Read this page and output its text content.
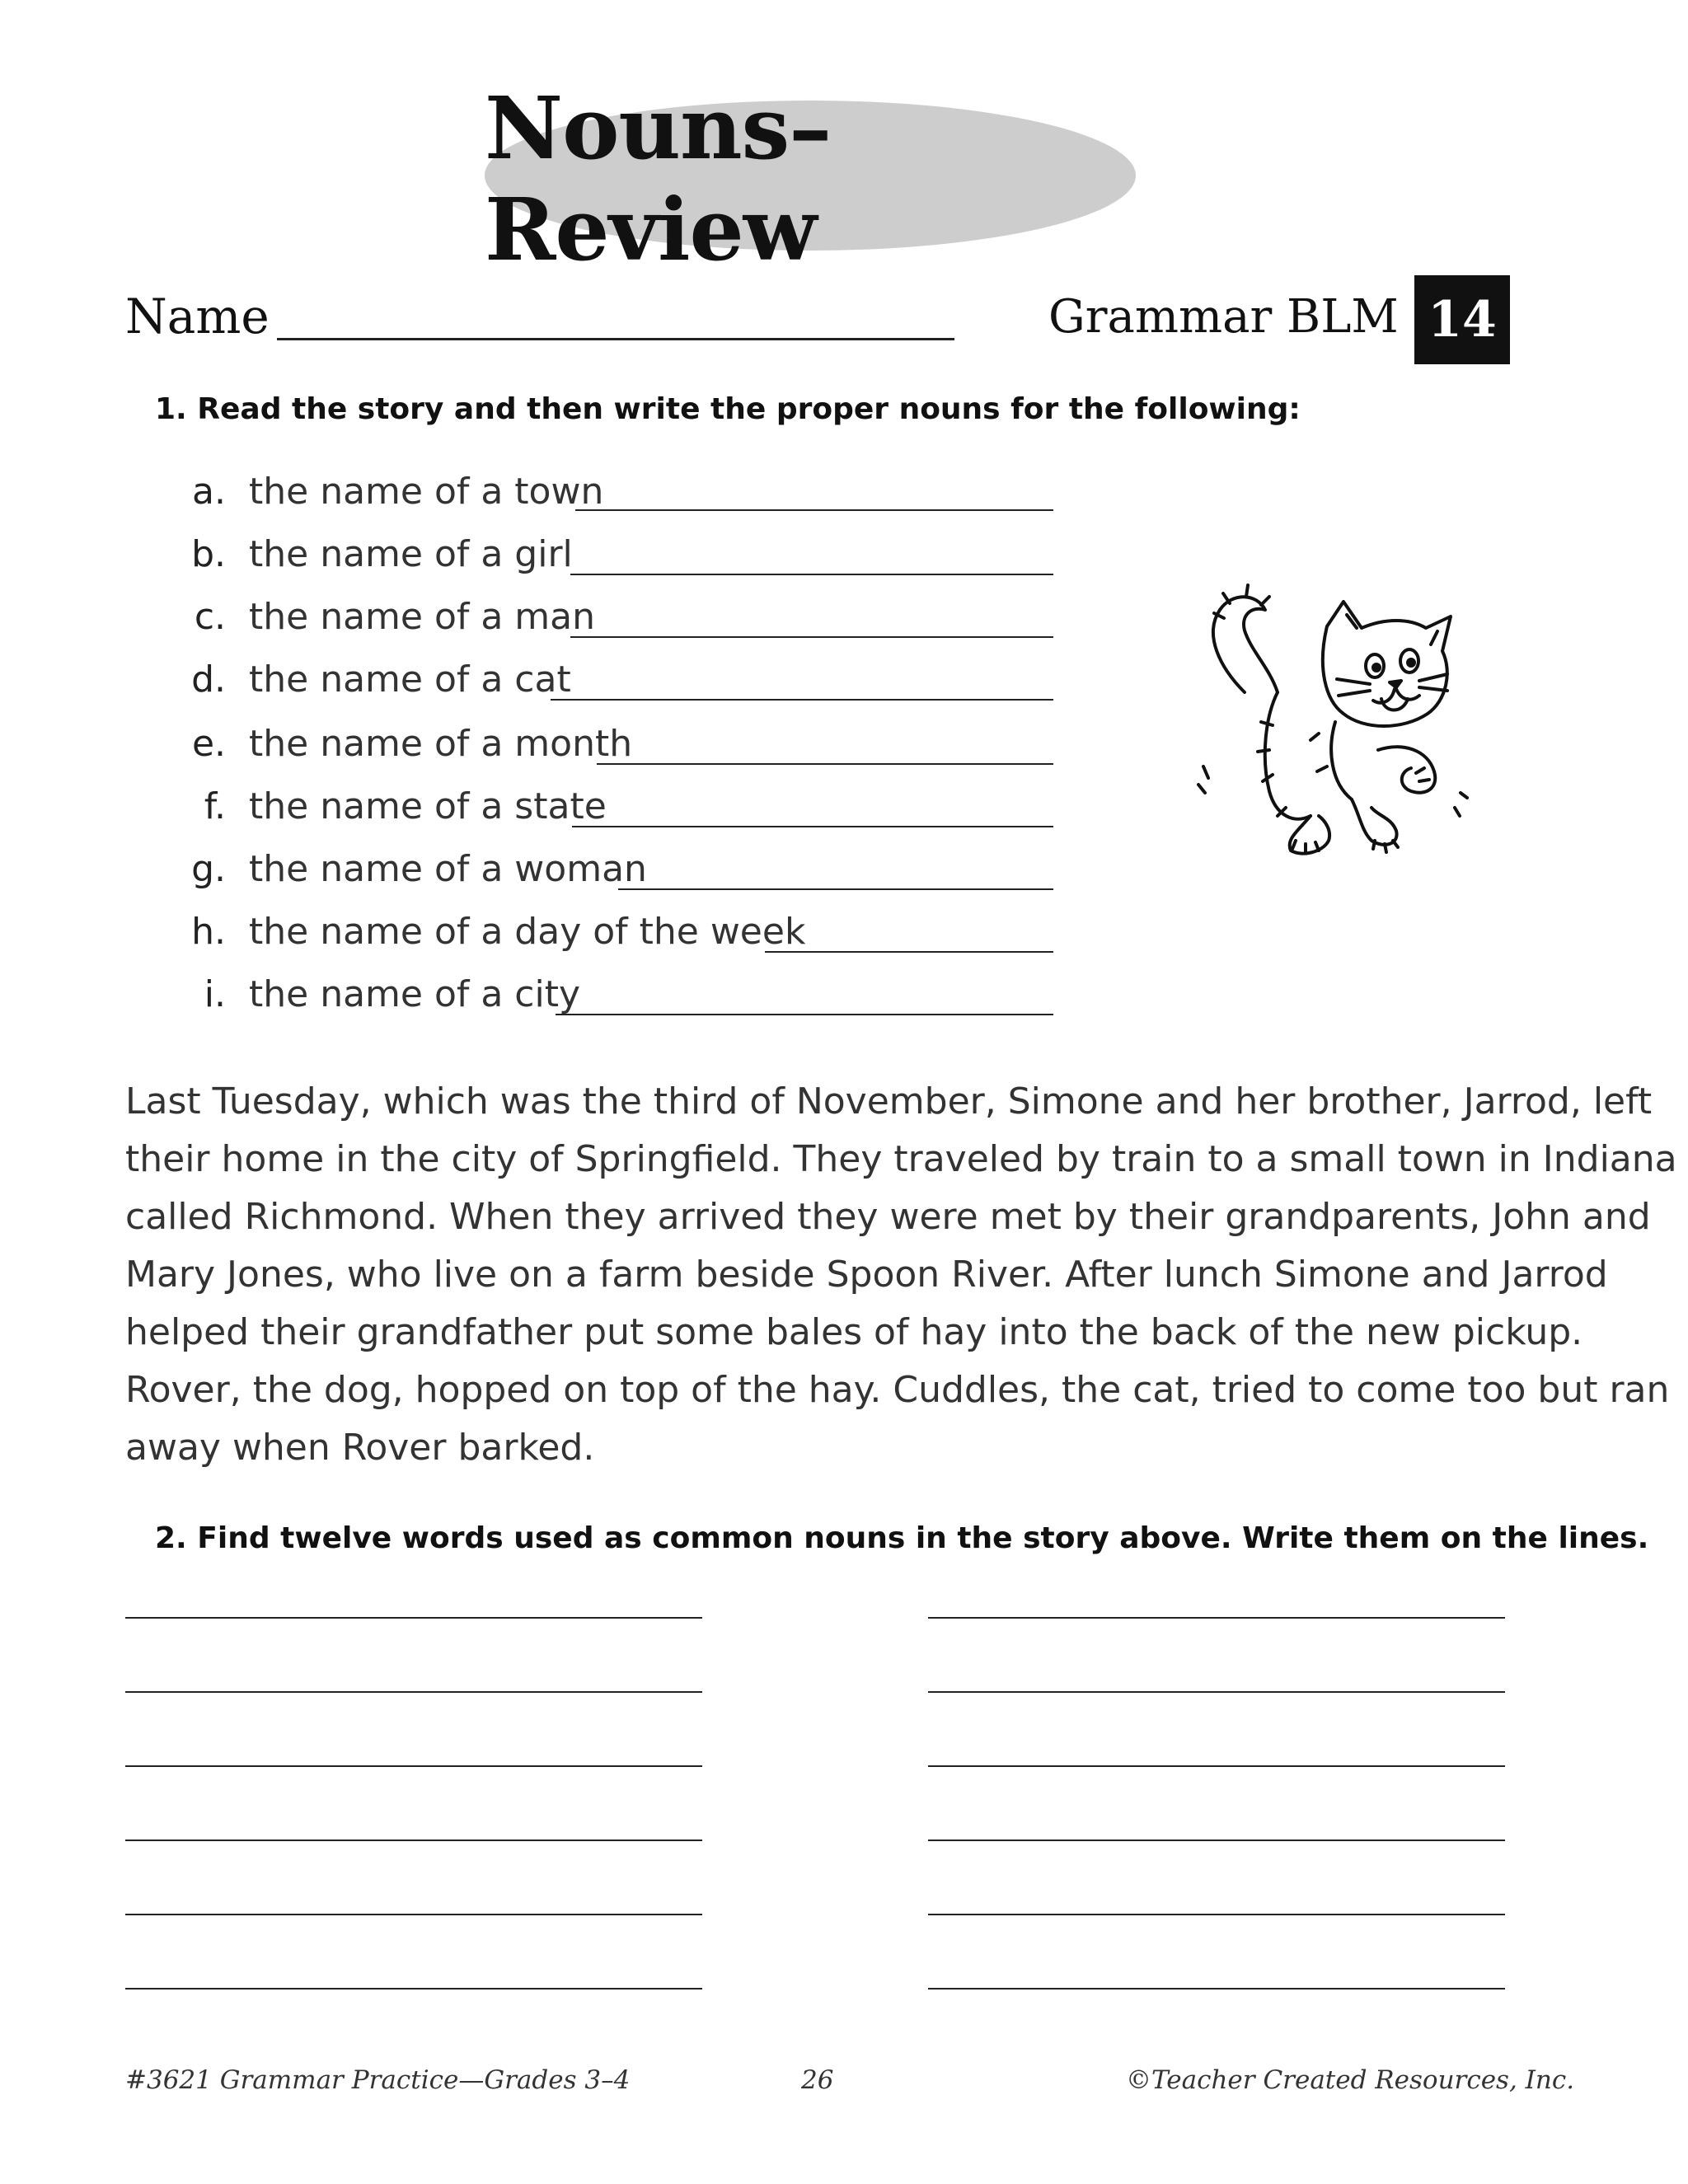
Nouns–Review
Name	Grammar BLM 14
1. Read the story and then write the proper nouns for the following:
a. the name of a town
b. the name of a girl
c. the name of a man
d. the name of a cat
e. the name of a month
f. the name of a state
g. the name of a woman
h. the name of a day of the week
i. the name of a city
Last Tuesday, which was the third of November, Simone and her brother, Jarrod, left
their home in the city of Springfield. They traveled by train to a small town in Indiana
called Richmond. When they arrived they were met by their grandparents, John and
Mary Jones, who live on a farm beside Spoon River. After lunch Simone and Jarrod
helped their grandfather put some bales of hay into the back of the new pickup.
Rover, the dog, hopped on top of the hay. Cuddles, the cat, tried to come too but ran
away when Rover barked.
2. Find twelve words used as common nouns in the story above. Write them on the lines.
#3621 Grammar Practice—Grades 3–4	26	©Teacher Created Resources, Inc.
